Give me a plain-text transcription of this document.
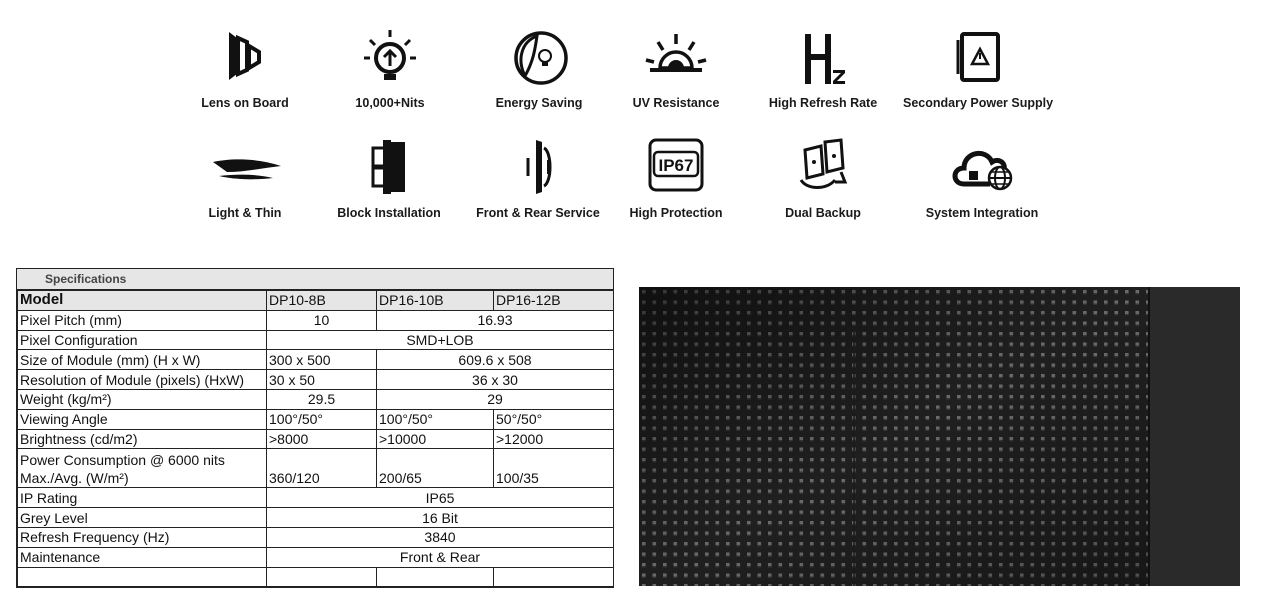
Lens on Board	10,000+Nits	Energy Saving	UV Resistance	High Refresh Rate	Secondary Power Supply
Light & Thin	Block Installation	Front & Rear Service
IP67
High Protection	Dual Backup	System Integration
Specifications
Model	DP10-8B	DP16-10B	DP16-12B
Pixel Pitch (mm)	10	16.93	
Pixel Configuration	SMD+LOB		
Size of Module (mm) (H x W)	300 x 500	609.6 x 508	
Resolution of Module (pixels) (HxW)	30 x 50	36 x 30	
Weight (kg/m²)	29.5	29	
Viewing Angle	100°/50°	100°/50°	50°/50°
Brightness (cd/m2)	>8000	>10000	>12000
Power Consumption @ 6000 nits
Max./Avg. (W/m²)	360/120	200/65	100/35
IP Rating	IP65		
Grey Level	16 Bit		
Refresh Frequency (Hz)	3840		
Maintenance	Front & Rear		
